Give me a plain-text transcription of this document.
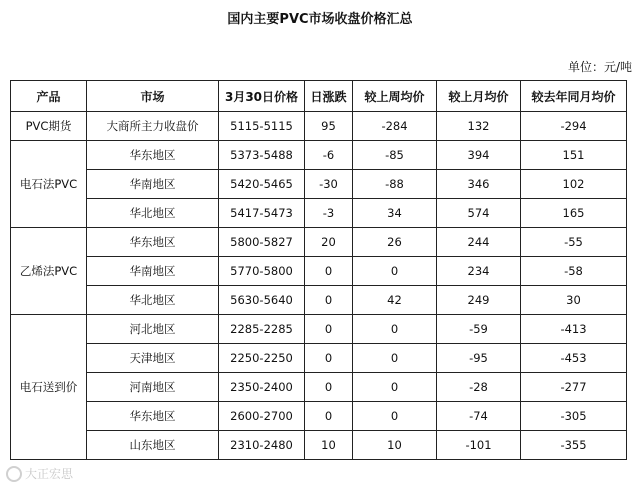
国内主要PVC市场收盘价格汇总
单位：元/吨
产品	市场	3月30日价格	日涨跌	较上周均价	较上月均价	较去年同月均价
PVC期货	大商所主力收盘价	5115-5115	95	-284	132	-294
电石法PVC	华东地区	5373-5488	-6	-85	394	151
	华南地区	5420-5465	-30	-88	346	102
	华北地区	5417-5473	-3	34	574	165
乙烯法PVC	华东地区	5800-5827	20	26	244	-55
	华南地区	5770-5800	0	0	234	-58
	华北地区	5630-5640	0	42	249	30
电石送到价	河北地区	2285-2285	0	0	-59	-413
	天津地区	2250-2250	0	0	-95	-453
	河南地区	2350-2400	0	0	-28	-277
	华东地区	2600-2700	0	0	-74	-305
	山东地区	2310-2480	10	10	-101	-355
大正宏思
